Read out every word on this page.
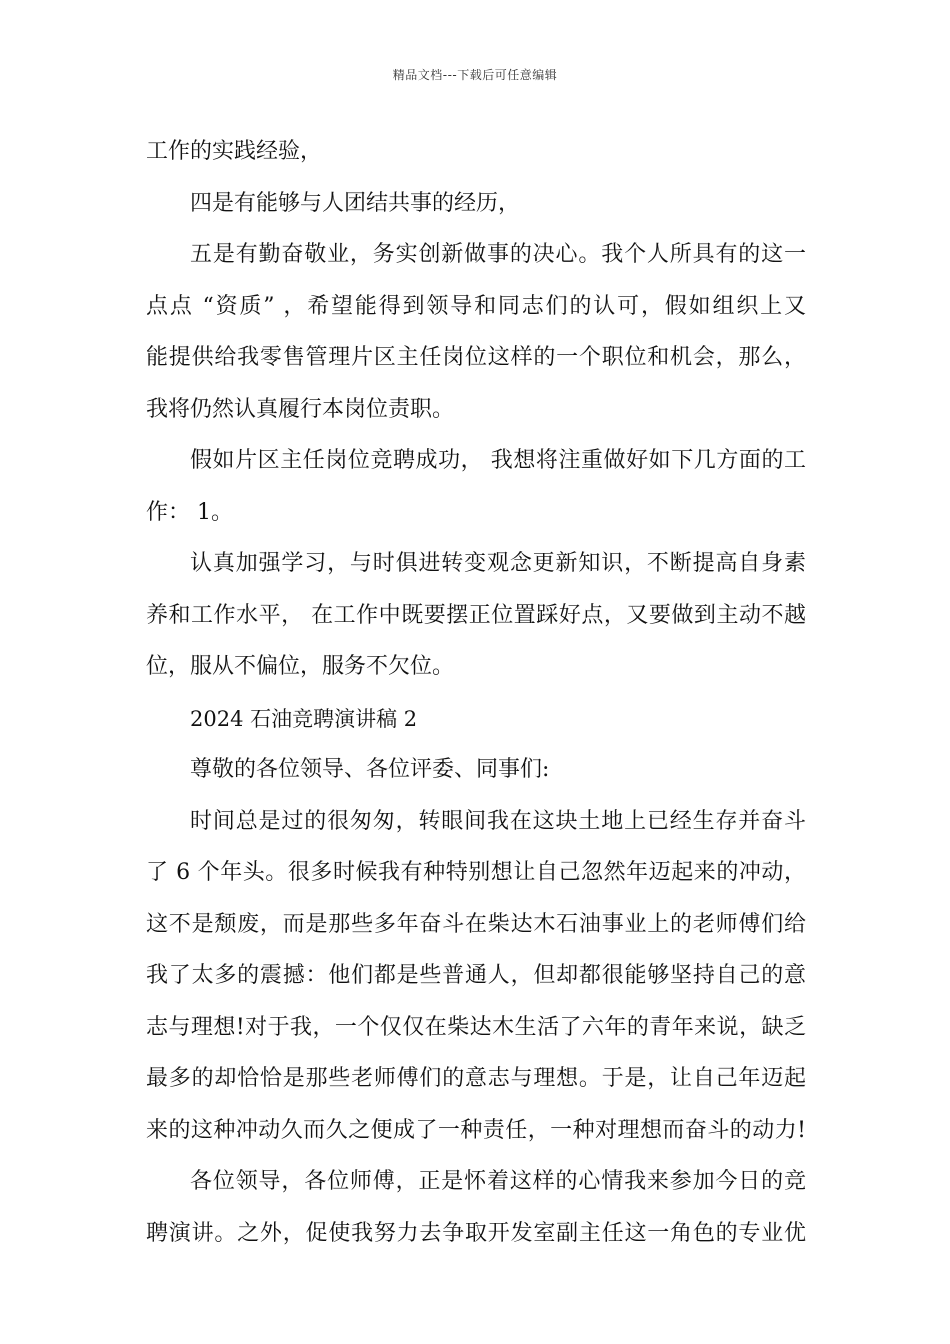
精品文档---下载后可任意编辑
工作的实践经验，
四是有能够与人团结共事的经历，
五是有勤奋敬业，务实创新做事的决心。我个人所具有的这一
点点 “资质” ，希望能得到领导和同志们的认可，假如组织上又
能提供给我零售管理片区主任岗位这样的一个职位和机会，那么，
我将仍然认真履行本岗位责职。
假如片区主任岗位竞聘成功， 我想将注重做好如下几方面的工
作： 1。
认真加强学习，与时俱进转变观念更新知识，不断提高自身素
养和工作水平， 在工作中既要摆正位置踩好点，又要做到主动不越
位，服从不偏位，服务不欠位。
2024 石油竞聘演讲稿 2
尊敬的各位领导、各位评委、同事们:
时间总是过的很匆匆，转眼间我在这块土地上已经生存并奋斗
了 6 个年头。很多时候我有种特别想让自己忽然年迈起来的冲动，
这不是颓废，而是那些多年奋斗在柴达木石油事业上的老师傅们给
我了太多的震撼：他们都是些普通人，但却都很能够坚持自己的意
志与理想!对于我，一个仅仅在柴达木生活了六年的青年来说，缺乏
最多的却恰恰是那些老师傅们的意志与理想。于是，让自己年迈起
来的这种冲动久而久之便成了一种责任，一种对理想而奋斗的动力!
各位领导，各位师傅，正是怀着这样的心情我来参加今日的竞
聘演讲。之外，促使我努力去争取开发室副主任这一角色的专业优
